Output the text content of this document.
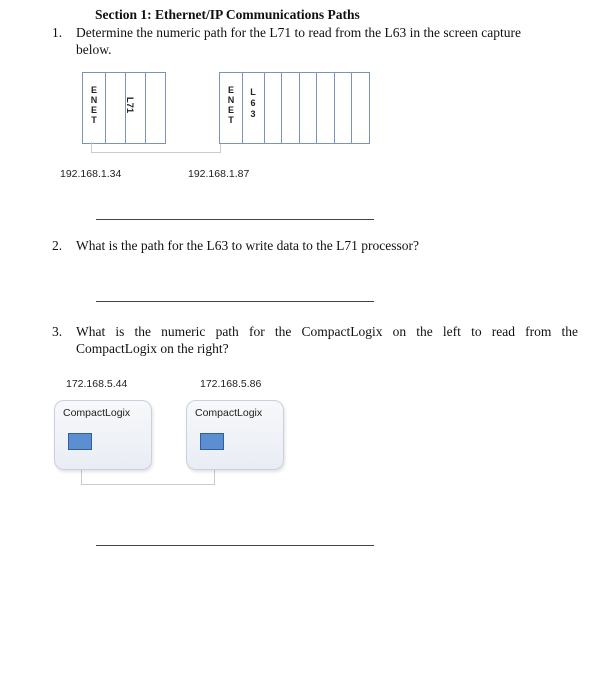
Section 1: Ethernet/IP Communications Paths
1. Determine the numeric path for the L71 to read from the L63 in the screen capture
below.
E
N
E
T
L71
E
N
E
T
L
6
3
192.168.1.34	192.168.1.87
2. What is the path for the L63 to write data to the L71 processor?
3. What is the numeric path for the CompactLogix on the left to read from the
CompactLogix on the right?
172.168.5.44	172.168.5.86
CompactLogix	CompactLogix
